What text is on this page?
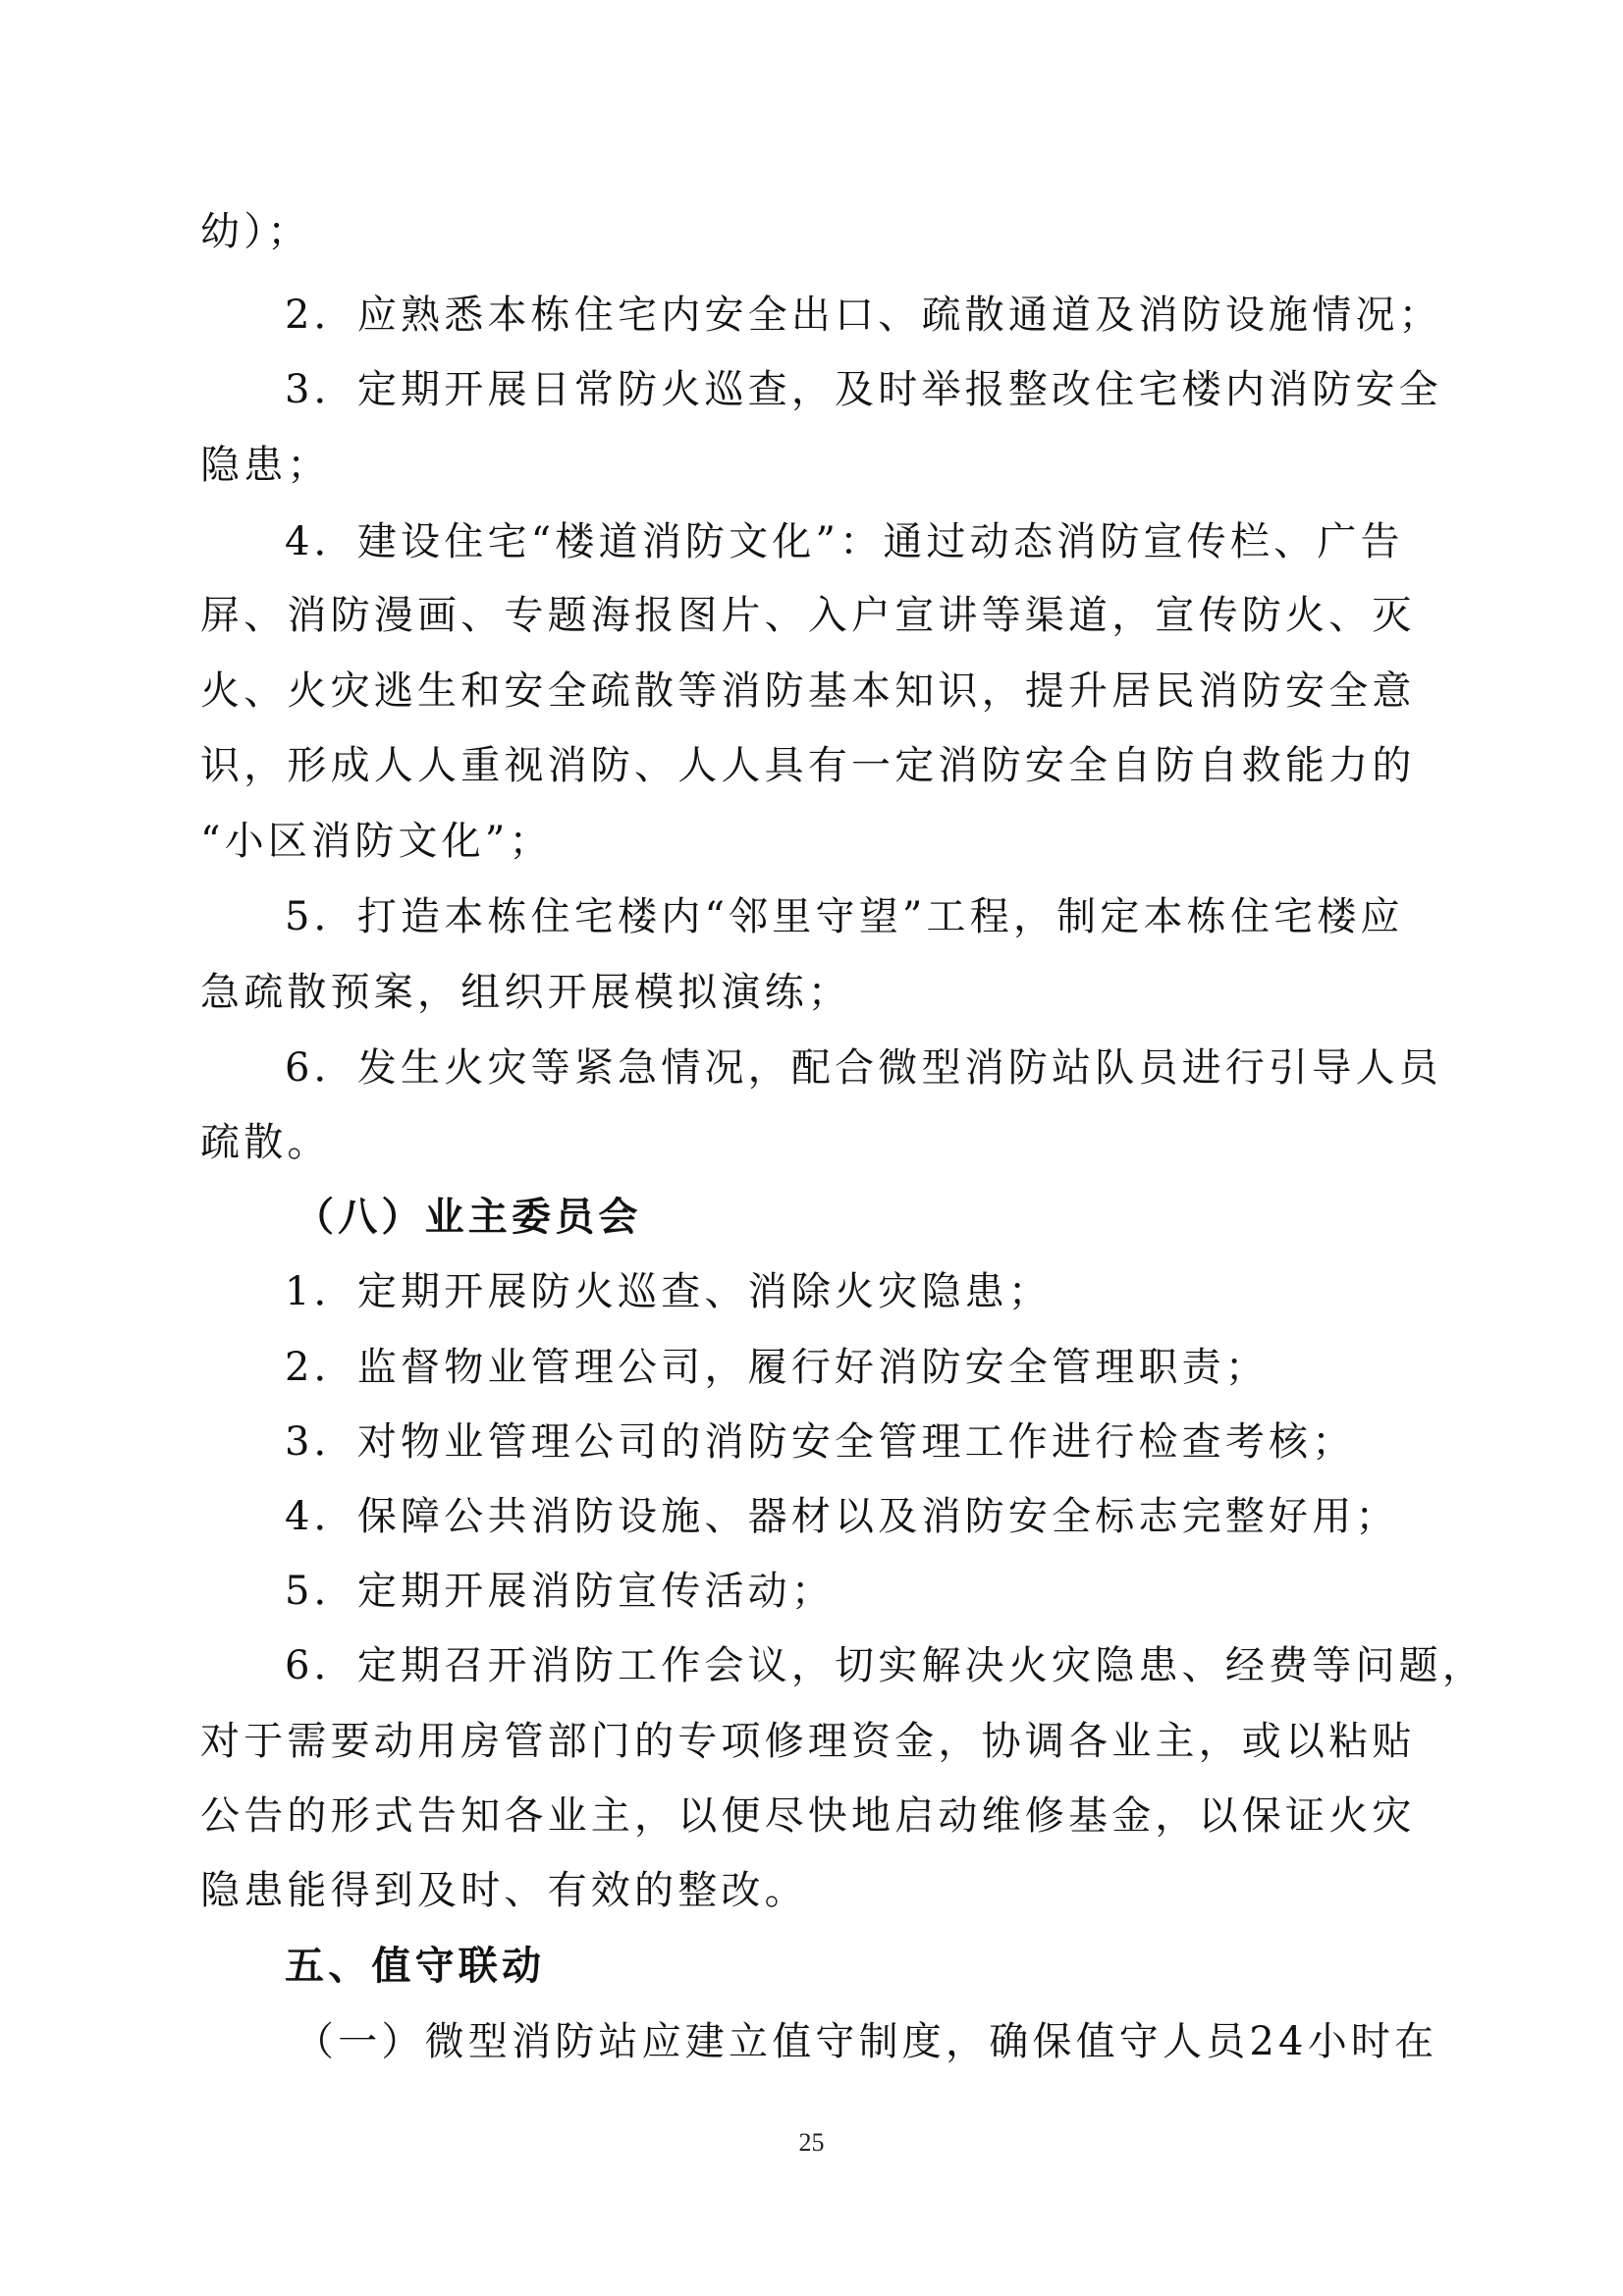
幼）；
2．应熟悉本栋住宅内安全出口、疏散通道及消防设施情况；
3．定期开展日常防火巡查，及时举报整改住宅楼内消防安全
隐患；
4．建设住宅“楼道消防文化”：通过动态消防宣传栏、广告
屏、消防漫画、专题海报图片、入户宣讲等渠道，宣传防火、灭
火、火灾逃生和安全疏散等消防基本知识，提升居民消防安全意
识，形成人人重视消防、人人具有一定消防安全自防自救能力的
“小区消防文化”；
5．打造本栋住宅楼内“邻里守望”工程，制定本栋住宅楼应
急疏散预案，组织开展模拟演练；
6．发生火灾等紧急情况，配合微型消防站队员进行引导人员
疏散。
（八）业主委员会
1．定期开展防火巡查、消除火灾隐患；
2．监督物业管理公司，履行好消防安全管理职责；
3．对物业管理公司的消防安全管理工作进行检查考核；
4．保障公共消防设施、器材以及消防安全标志完整好用；
5．定期开展消防宣传活动；
6．定期召开消防工作会议，切实解决火灾隐患、经费等问题，
对于需要动用房管部门的专项修理资金，协调各业主，或以粘贴
公告的形式告知各业主，以便尽快地启动维修基金，以保证火灾
隐患能得到及时、有效的整改。
五、值守联动
（一）微型消防站应建立值守制度，确保值守人员24小时在
25
